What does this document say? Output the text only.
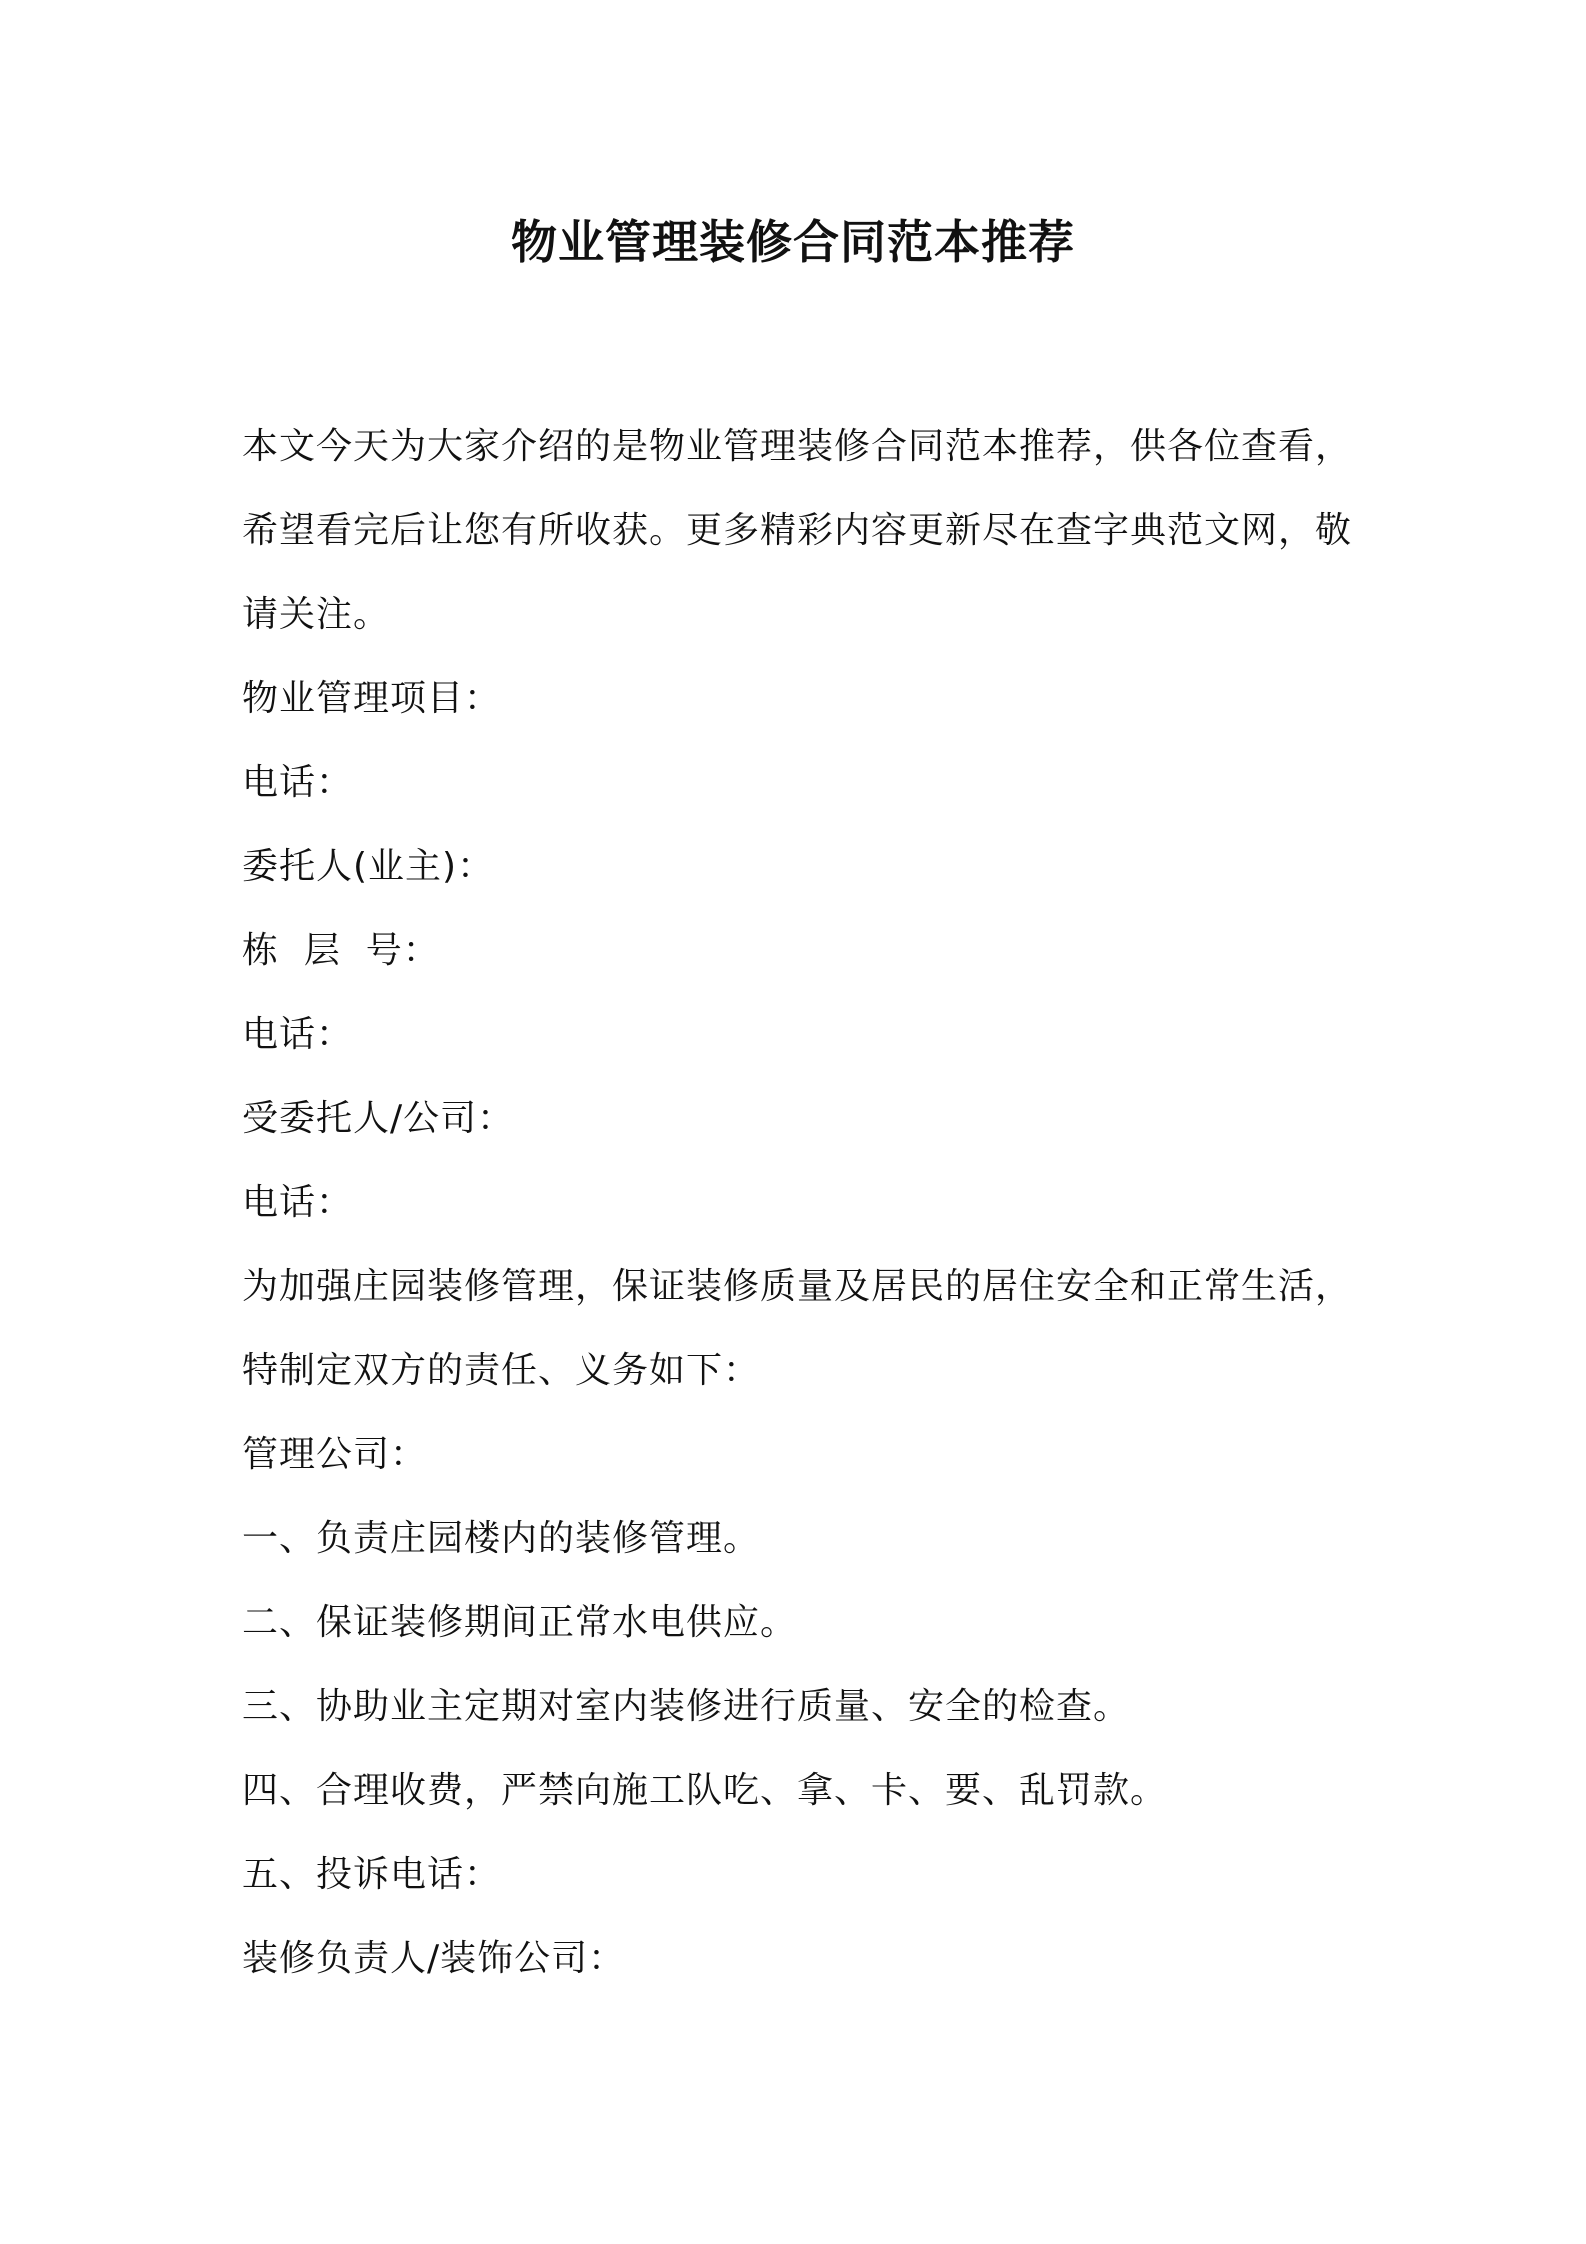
物业管理装修合同范本推荐

本文今天为大家介绍的是物业管理装修合同范本推荐，供各位查看，希望看完后让您有所收获。更多精彩内容更新尽在查字典范文网，敬请关注。

物业管理项目：

电话：

委托人(业主)：

栋  层  号：

电话：

受委托人/公司：

电话：

为加强庄园装修管理，保证装修质量及居民的居住安全和正常生活，特制定双方的责任、义务如下：

管理公司：

一、负责庄园楼内的装修管理。

二、保证装修期间正常水电供应。

三、协助业主定期对室内装修进行质量、安全的检查。

四、合理收费，严禁向施工队吃、拿、卡、要、乱罚款。

五、投诉电话：

装修负责人/装饰公司：
